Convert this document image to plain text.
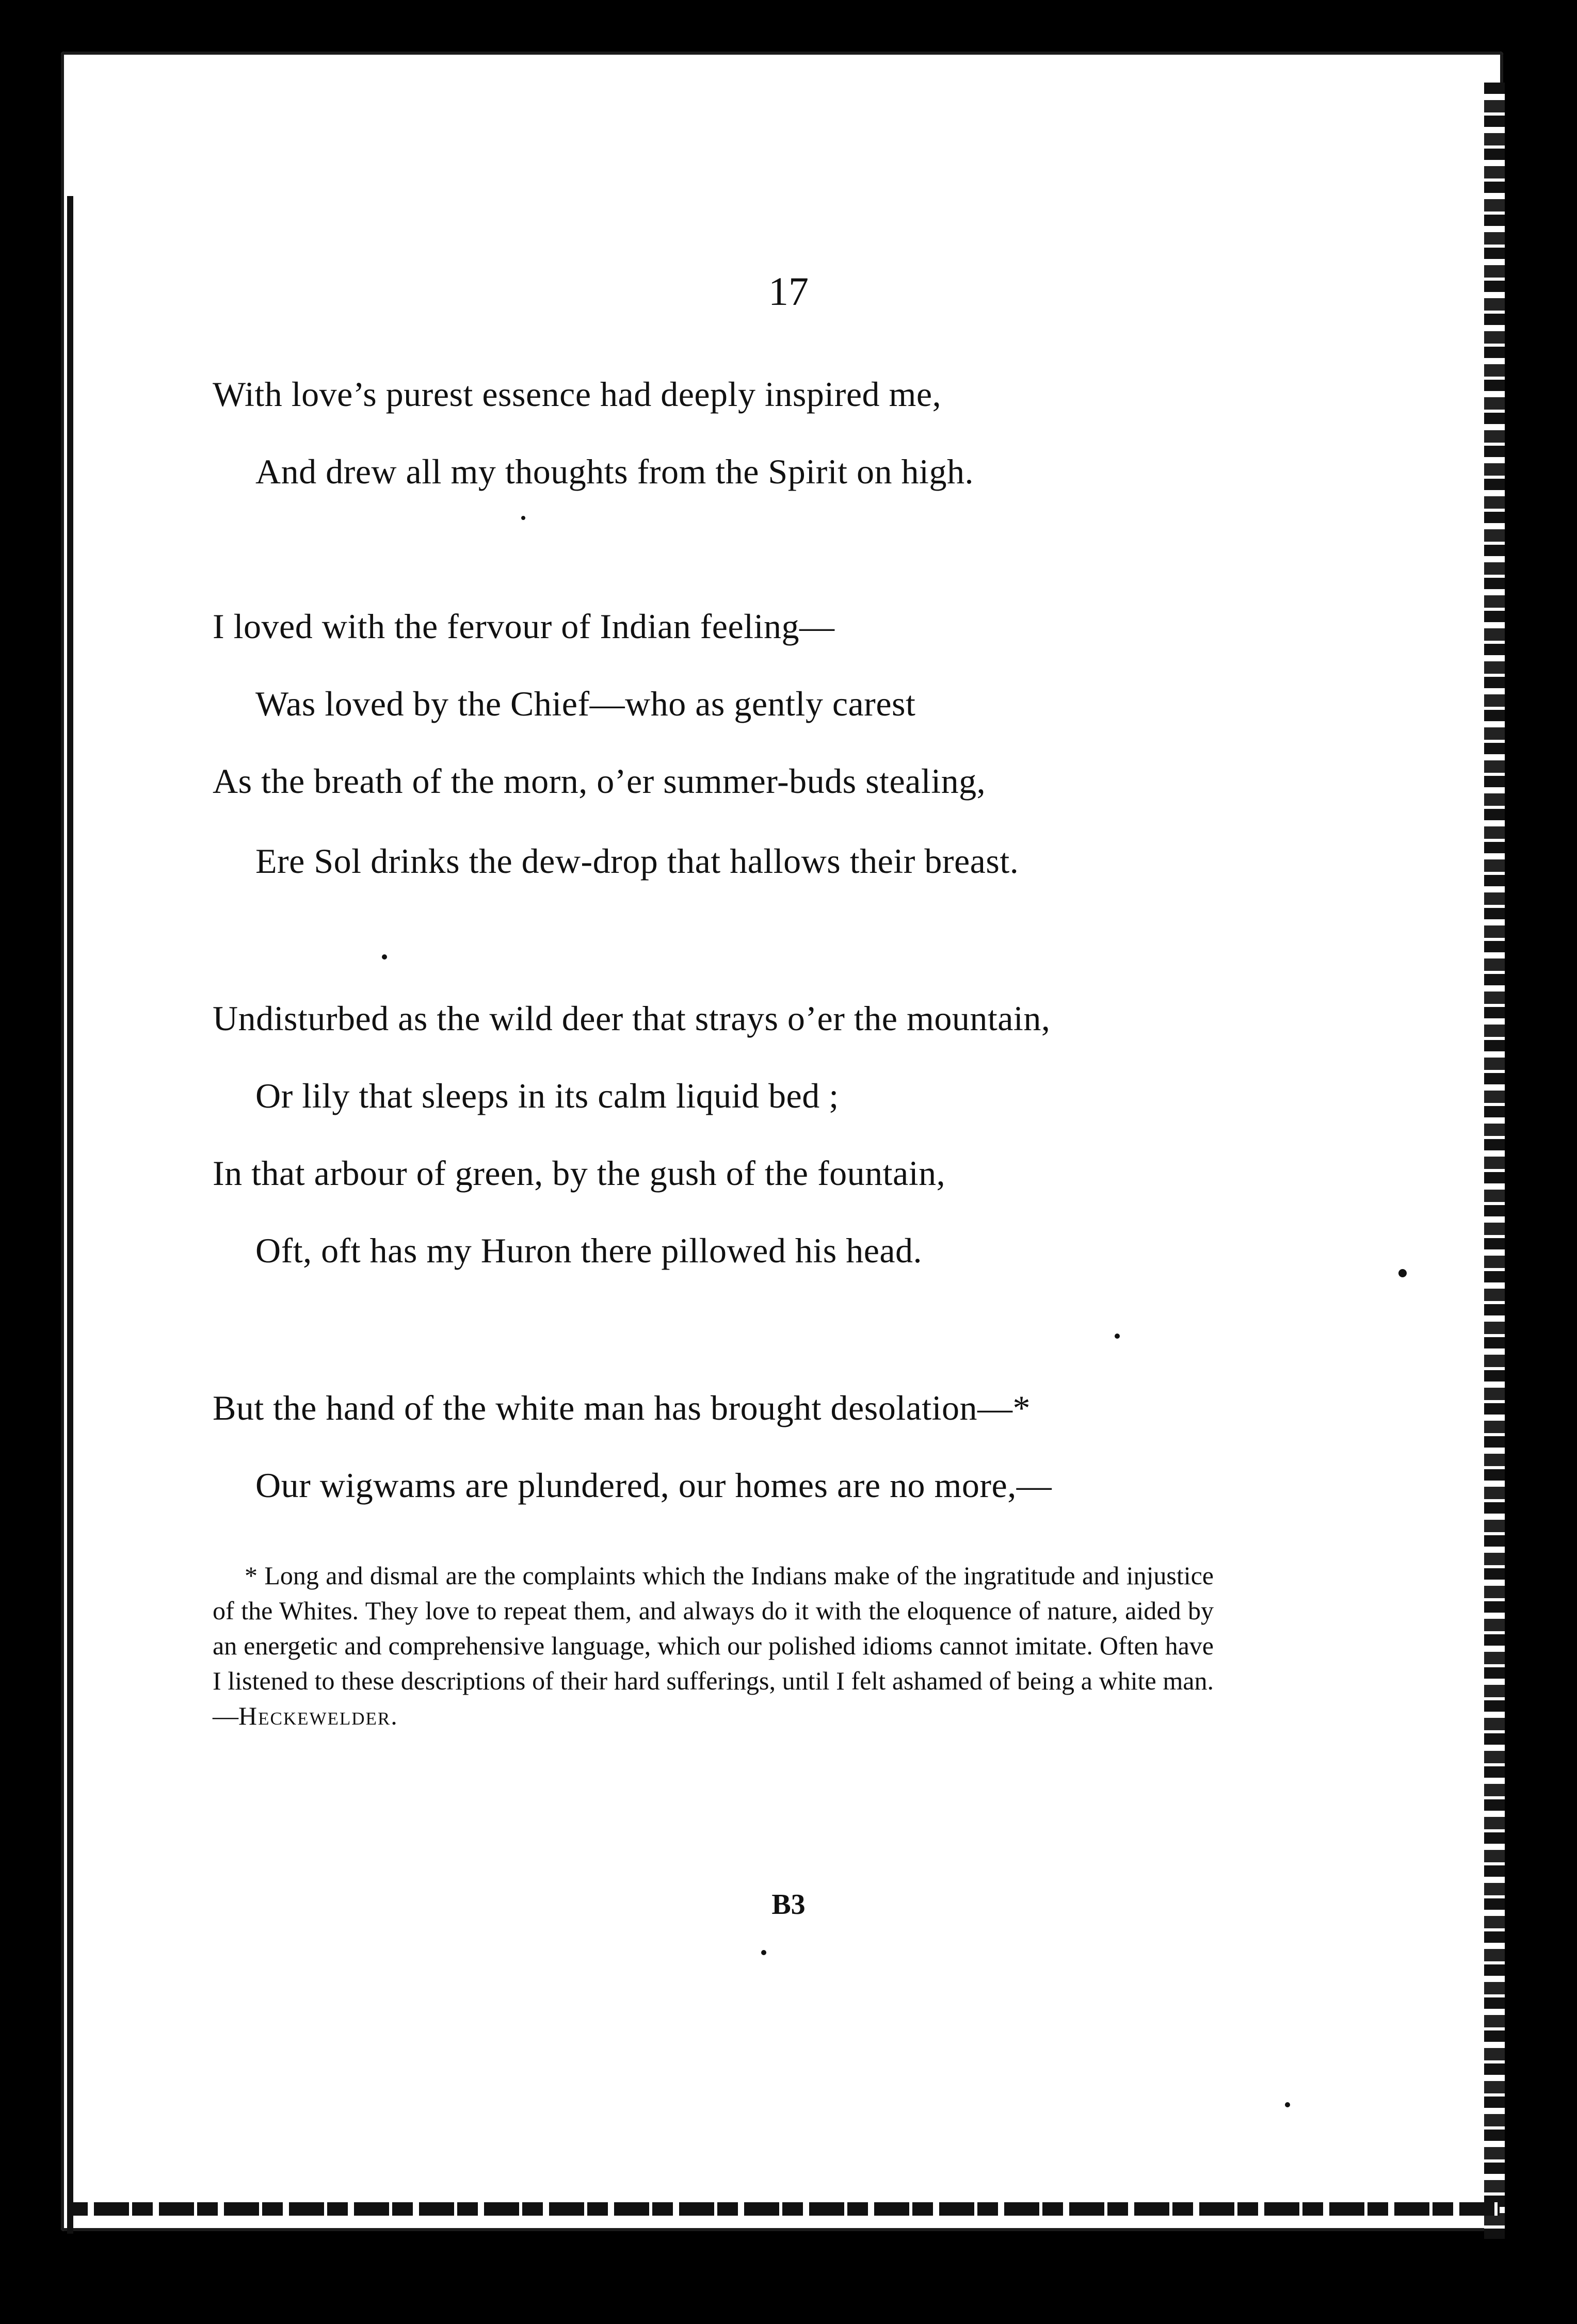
17
With love’s purest essence had deeply inspired me,
And drew all my thoughts from the Spirit on high.
I loved with the fervour of Indian feeling—
Was loved by the Chief—who as gently carest
As the breath of the morn, o’er summer-buds stealing,
Ere Sol drinks the dew-drop that hallows their breast.
Undisturbed as the wild deer that strays o’er the mountain,
Or lily that sleeps in its calm liquid bed ;
In that arbour of green, by the gush of the fountain,
Oft, oft has my Huron there pillowed his head.
But the hand of the white man has brought desolation—*
Our wigwams are plundered, our homes are no more,—
* Long and dismal are the complaints which the Indians make of the ingratitude and injustice of the Whites. They love to repeat them, and always do it with the eloquence of nature, aided by an energetic and comprehensive language, which our polished idioms cannot imitate. Often have I listened to these descriptions of their hard sufferings, until I felt ashamed of being a white man.—Heckewelder.
B3
